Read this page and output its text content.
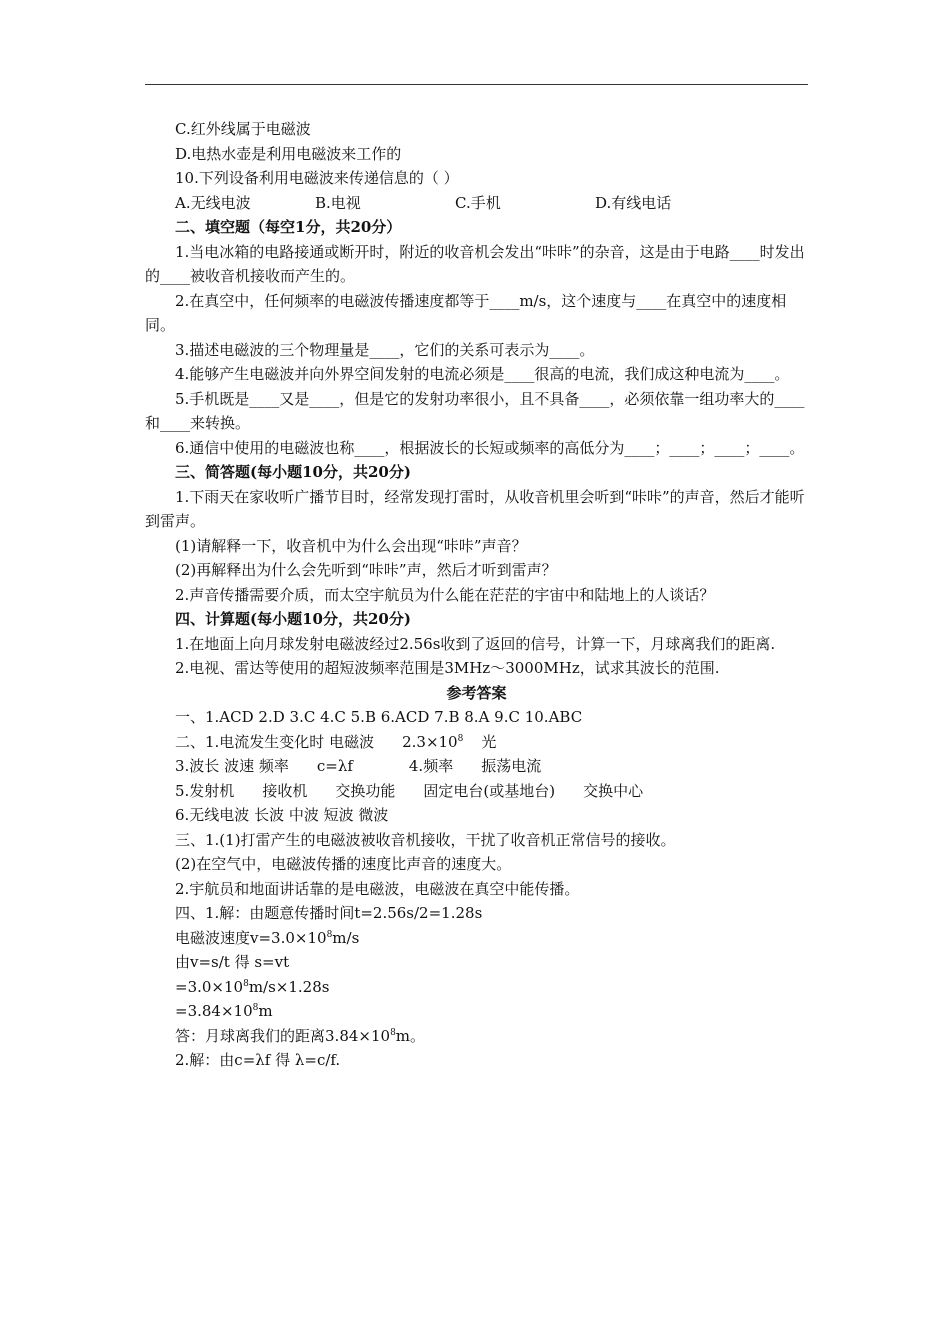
C.红外线属于电磁波

D.电热水壶是利用电磁波来工作的

10.下列设备利用电磁波来传递信息的（ ）

A.无线电波	B.电视	C.手机	D.有线电话

二、填空题（每空1分，共20分）

1.当电冰箱的电路接通或断开时，附近的收音机会发出“咔咔”的杂音，这是由于电路____时发出的____被收音机接收而产生的。

2.在真空中，任何频率的电磁波传播速度都等于____m/s，这个速度与____在真空中的速度相同。

3.描述电磁波的三个物理量是____，它们的关系可表示为____。

4.能够产生电磁波并向外界空间发射的电流必须是____很高的电流，我们成这种电流为____。

5.手机既是____又是____，但是它的发射功率很小，且不具备____，必须依靠一组功率大的____和____来转换。

6.通信中使用的电磁波也称____，根据波长的长短或频率的高低分为____；____；____；____。

三、简答题(每小题10分，共20分)

1.下雨天在家收听广播节目时，经常发现打雷时，从收音机里会听到“咔咔”的声音，然后才能听到雷声。

(1)请解释一下，收音机中为什么会出现“咔咔”声音？

(2)再解释出为什么会先听到“咔咔”声，然后才听到雷声？

2.声音传播需要介质，而太空宇航员为什么能在茫茫的宇宙中和陆地上的人谈话？

四、计算题(每小题10分，共20分)

1.在地面上向月球发射电磁波经过2.56s收到了返回的信号，计算一下，月球离我们的距离.

2.电视、雷达等使用的超短波频率范围是3MHz～3000MHz，试求其波长的范围.

参考答案

一、1.ACD 2.D 3.C 4.C 5.B 6.ACD 7.B 8.A 9.C 10.ABC

二、1.电流发生变化时 电磁波 $2.3\times 10^8$ 光

3.波长 波速 频率 c=λf	4.频率 振荡电流

5.发射机 接收机 交换功能 固定电台(或基地台) 交换中心

6.无线电波 长波 中波 短波 微波

三、1.(1)打雷产生的电磁波被收音机接收，干扰了收音机正常信号的接收。

(2)在空气中，电磁波传播的速度比声音的速度大。

2.宇航员和地面讲话靠的是电磁波，电磁波在真空中能传播。

四、1.解：由题意传播时间t=2.56s/2=1.28s

电磁波速度$v=3.0\times 10^8m/s$

由v=s/t 得 s=vt

$=3.0\times 10^8m/s\times 1.28s$

$=3.84\times 10^8m$

答：月球离我们的距离$3.84\times 10^8m$。

2.解：由c=λf 得 λ=c/f.
